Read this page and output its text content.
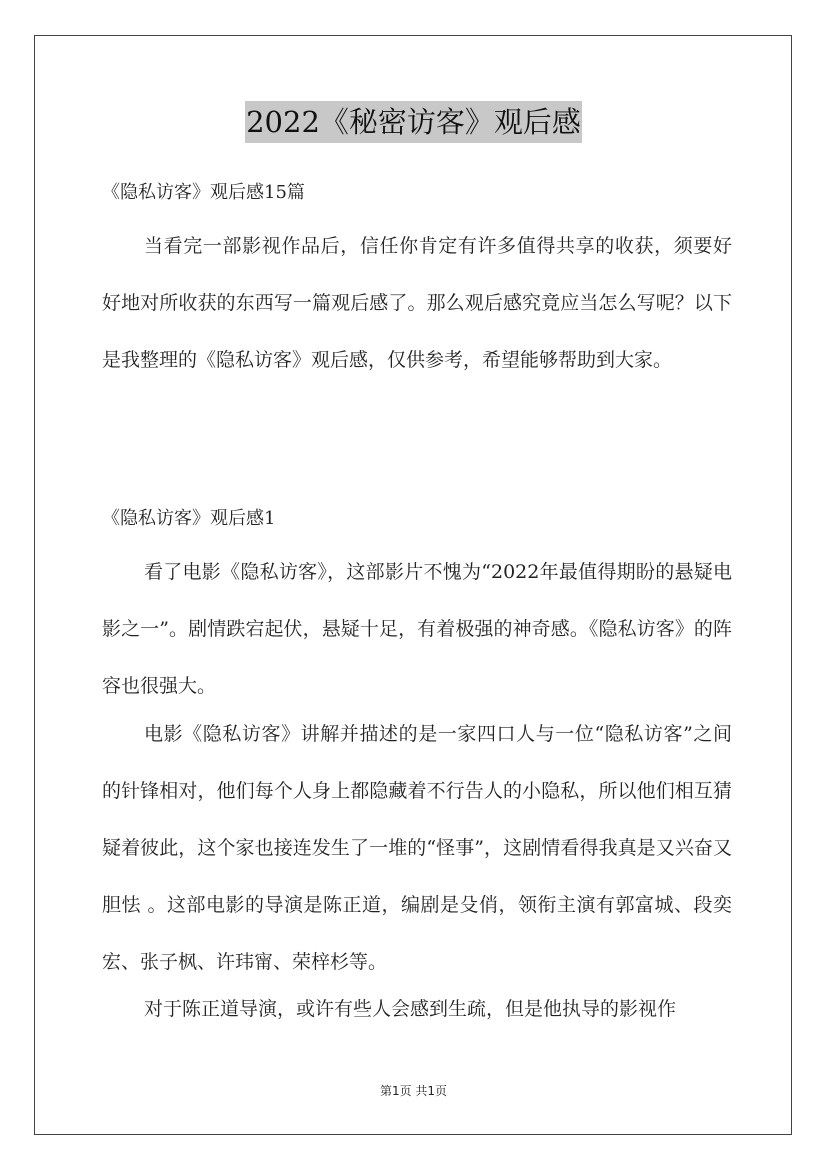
2022《秘密访客》观后感
《隐私访客》观后感15篇

当看完一部影视作品后，信任你肯定有许多值得共享的收获，须要好好地对所收获的东西写一篇观后感了。那么观后感究竟应当怎么写呢？以下是我整理的《隐私访客》观后感，仅供参考，希望能够帮助到大家。

《隐私访客》观后感1

看了电影《隐私访客》，这部影片不愧为“2022年最值得期盼的悬疑电影之一”。剧情跌宕起伏，悬疑十足，有着极强的神奇感。《隐私访客》的阵容也很强大。

电影《隐私访客》讲解并描述的是一家四口人与一位“隐私访客”之间的针锋相对，他们每个人身上都隐藏着不行告人的小隐私，所以他们相互猜疑着彼此，这个家也接连发生了一堆的“怪事”，这剧情看得我真是又兴奋又胆怯 。这部电影的导演是陈正道，编剧是殳俏，领衔主演有郭富城、段奕宏、张子枫、许玮甯、荣梓杉等。

对于陈正道导演，或许有些人会感到生疏，但是他执导的影视作

第1页 共1页
